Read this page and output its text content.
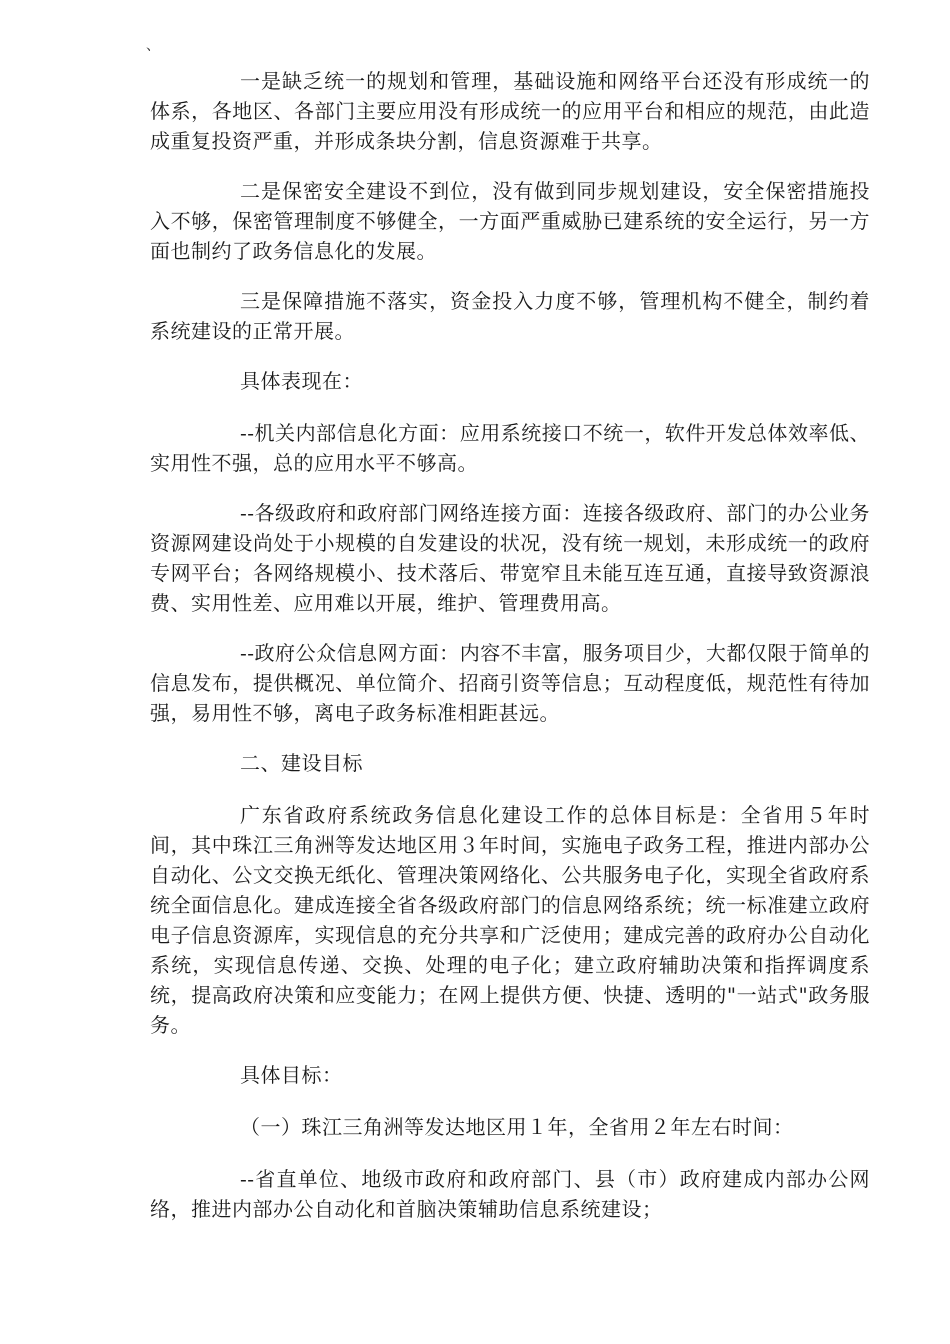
、

一是缺乏统一的规划和管理，基础设施和网络平台还没有形成统一的体系，各地区、各部门主要应用没有形成统一的应用平台和相应的规范，由此造成重复投资严重，并形成条块分割，信息资源难于共享。

二是保密安全建设不到位，没有做到同步规划建设，安全保密措施投入不够，保密管理制度不够健全，一方面严重威胁已建系统的安全运行，另一方面也制约了政务信息化的发展。

三是保障措施不落实，资金投入力度不够，管理机构不健全，制约着系统建设的正常开展。

具体表现在：

--机关内部信息化方面：应用系统接口不统一，软件开发总体效率低、实用性不强，总的应用水平不够高。

--各级政府和政府部门网络连接方面：连接各级政府、部门的办公业务资源网建设尚处于小规模的自发建设的状况，没有统一规划，未形成统一的政府专网平台；各网络规模小、技术落后、带宽窄且未能互连互通，直接导致资源浪费、实用性差、应用难以开展，维护、管理费用高。

--政府公众信息网方面：内容不丰富，服务项目少，大都仅限于简单的信息发布，提供概况、单位简介、招商引资等信息；互动程度低，规范性有待加强，易用性不够，离电子政务标准相距甚远。

二、建设目标

广东省政府系统政务信息化建设工作的总体目标是：全省用５年时间，其中珠江三角洲等发达地区用３年时间，实施电子政务工程，推进内部办公自动化、公文交换无纸化、管理决策网络化、公共服务电子化，实现全省政府系统全面信息化。建成连接全省各级政府部门的信息网络系统；统一标准建立政府电子信息资源库，实现信息的充分共享和广泛使用；建成完善的政府办公自动化系统，实现信息传递、交换、处理的电子化；建立政府辅助决策和指挥调度系统，提高政府决策和应变能力；在网上提供方便、快捷、透明的"一站式"政务服务。

具体目标：

（一）珠江三角洲等发达地区用１年，全省用２年左右时间：

--省直单位、地级市政府和政府部门、县（市）政府建成内部办公网络，推进内部办公自动化和首脑决策辅助信息系统建设；
